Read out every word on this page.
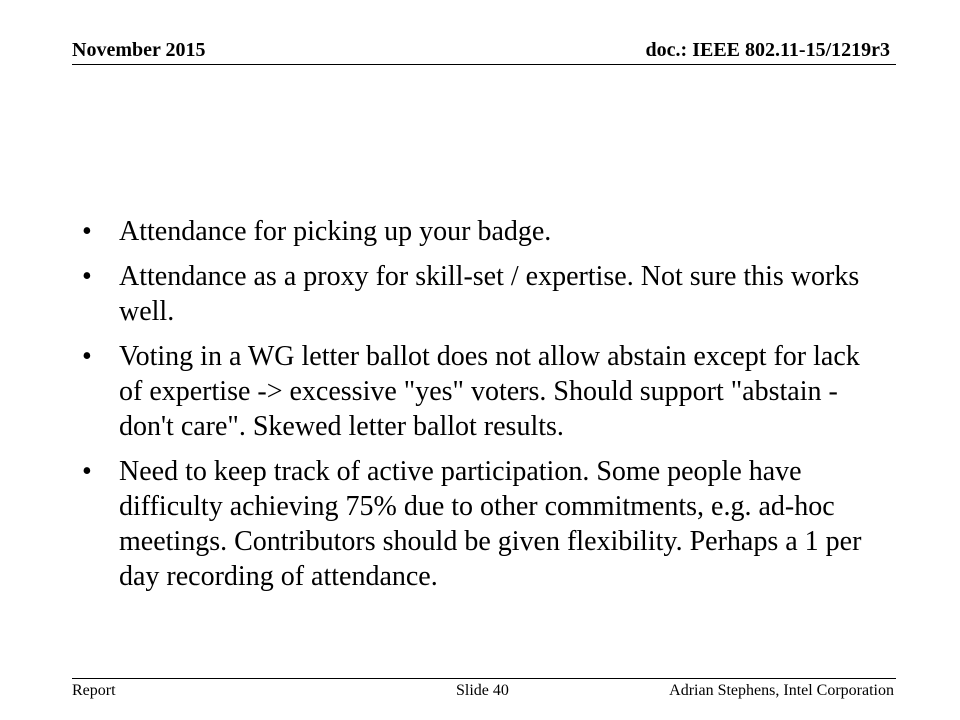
November 2015	doc.: IEEE 802.11-15/1219r3
• Attendance for picking up your badge.
• Attendance as a proxy for skill-set / expertise. Not sure this works well.
• Voting in a WG letter ballot does not allow abstain except for lack of expertise -> excessive "yes" voters. Should support "abstain - don't care". Skewed letter ballot results.
• Need to keep track of active participation. Some people have difficulty achieving 75% due to other commitments, e.g. ad-hoc meetings. Contributors should be given flexibility. Perhaps a 1 per day recording of attendance.
Report	Slide 40	Adrian Stephens, Intel Corporation
